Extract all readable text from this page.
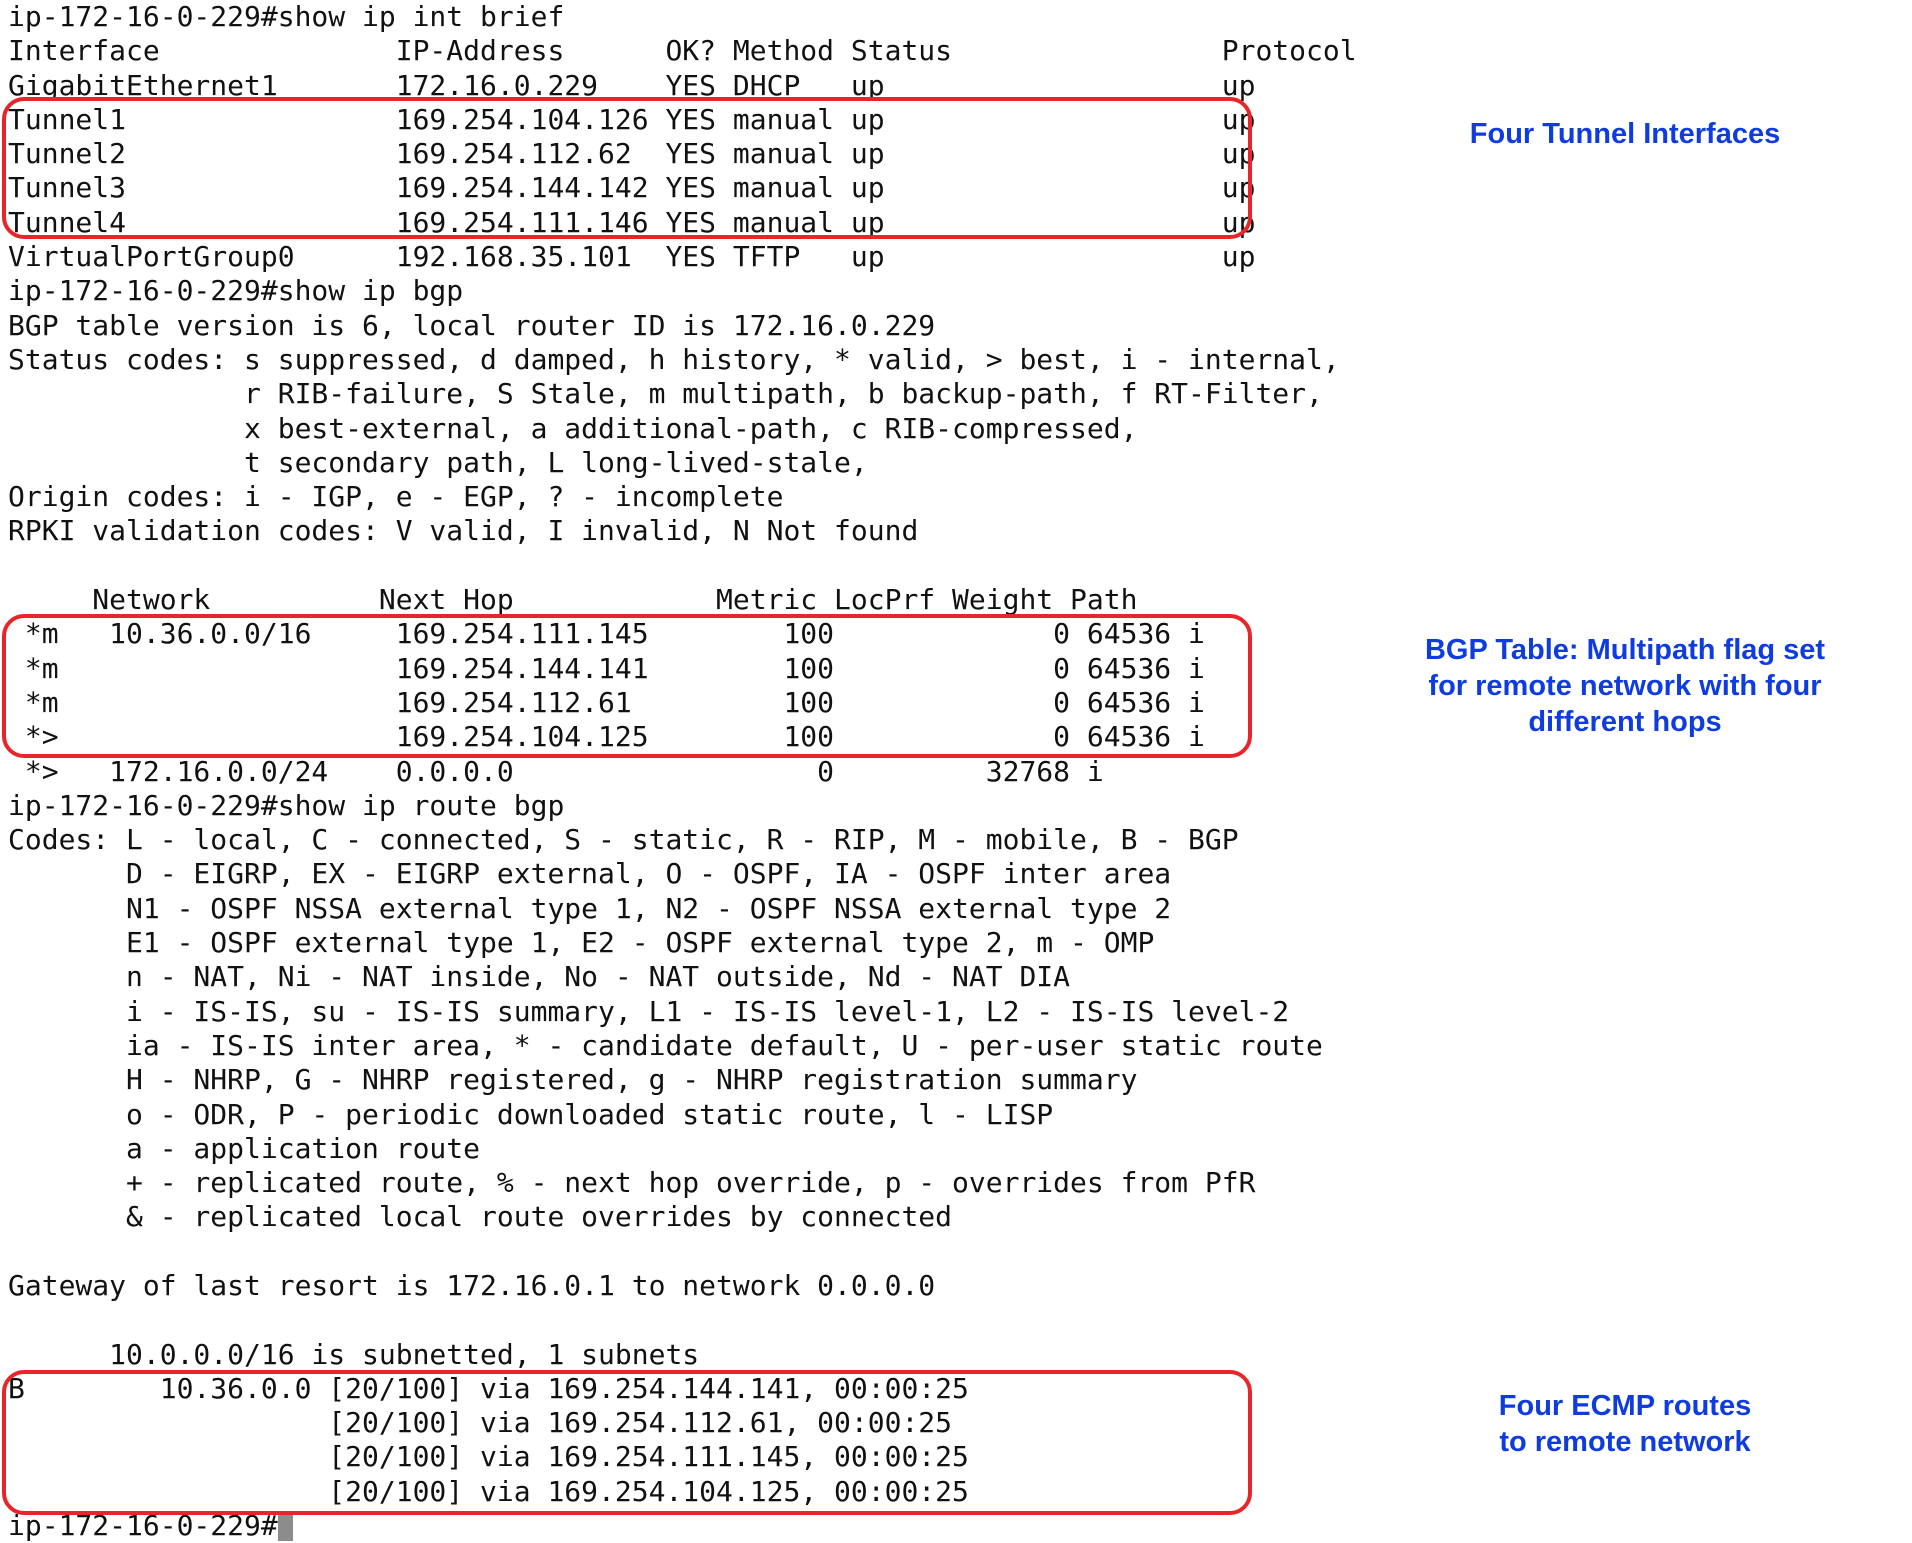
ip-172-16-0-229#show ip int brief
Interface              IP-Address      OK? Method Status                Protocol
GigabitEthernet1       172.16.0.229    YES DHCP   up                    up
Tunnel1                169.254.104.126 YES manual up                    up
Tunnel2                169.254.112.62  YES manual up                    up
Tunnel3                169.254.144.142 YES manual up                    up
Tunnel4                169.254.111.146 YES manual up                    up
VirtualPortGroup0      192.168.35.101  YES TFTP   up                    up
ip-172-16-0-229#show ip bgp
BGP table version is 6, local router ID is 172.16.0.229
Status codes: s suppressed, d damped, h history, * valid, > best, i - internal,
r RIB-failure, S Stale, m multipath, b backup-path, f RT-Filter,
x best-external, a additional-path, c RIB-compressed,
t secondary path, L long-lived-stale,
Origin codes: i - IGP, e - EGP, ? - incomplete
RPKI validation codes: V valid, I invalid, N Not found
Network          Next Hop            Metric LocPrf Weight Path
*m   10.36.0.0/16     169.254.111.145        100             0 64536 i
*m                    169.254.144.141        100             0 64536 i
*m                    169.254.112.61         100             0 64536 i
*>                    169.254.104.125        100             0 64536 i
*>   172.16.0.0/24    0.0.0.0                  0         32768 i
ip-172-16-0-229#show ip route bgp
Codes: L - local, C - connected, S - static, R - RIP, M - mobile, B - BGP
D - EIGRP, EX - EIGRP external, O - OSPF, IA - OSPF inter area
N1 - OSPF NSSA external type 1, N2 - OSPF NSSA external type 2
E1 - OSPF external type 1, E2 - OSPF external type 2, m - OMP
n - NAT, Ni - NAT inside, No - NAT outside, Nd - NAT DIA
i - IS-IS, su - IS-IS summary, L1 - IS-IS level-1, L2 - IS-IS level-2
ia - IS-IS inter area, * - candidate default, U - per-user static route
H - NHRP, G - NHRP registered, g - NHRP registration summary
o - ODR, P - periodic downloaded static route, l - LISP
a - application route
+ - replicated route, % - next hop override, p - overrides from PfR
& - replicated local route overrides by connected
Gateway of last resort is 172.16.0.1 to network 0.0.0.0
10.0.0.0/16 is subnetted, 1 subnets
B        10.36.0.0 [20/100] via 169.254.144.141, 00:00:25
[20/100] via 169.254.112.61, 00:00:25
[20/100] via 169.254.111.145, 00:00:25
[20/100] via 169.254.104.125, 00:00:25
ip-172-16-0-229#
Four Tunnel Interfaces
BGP Table: Multipath flag set
for remote network with four
different hops
Four ECMP routes
to remote network
